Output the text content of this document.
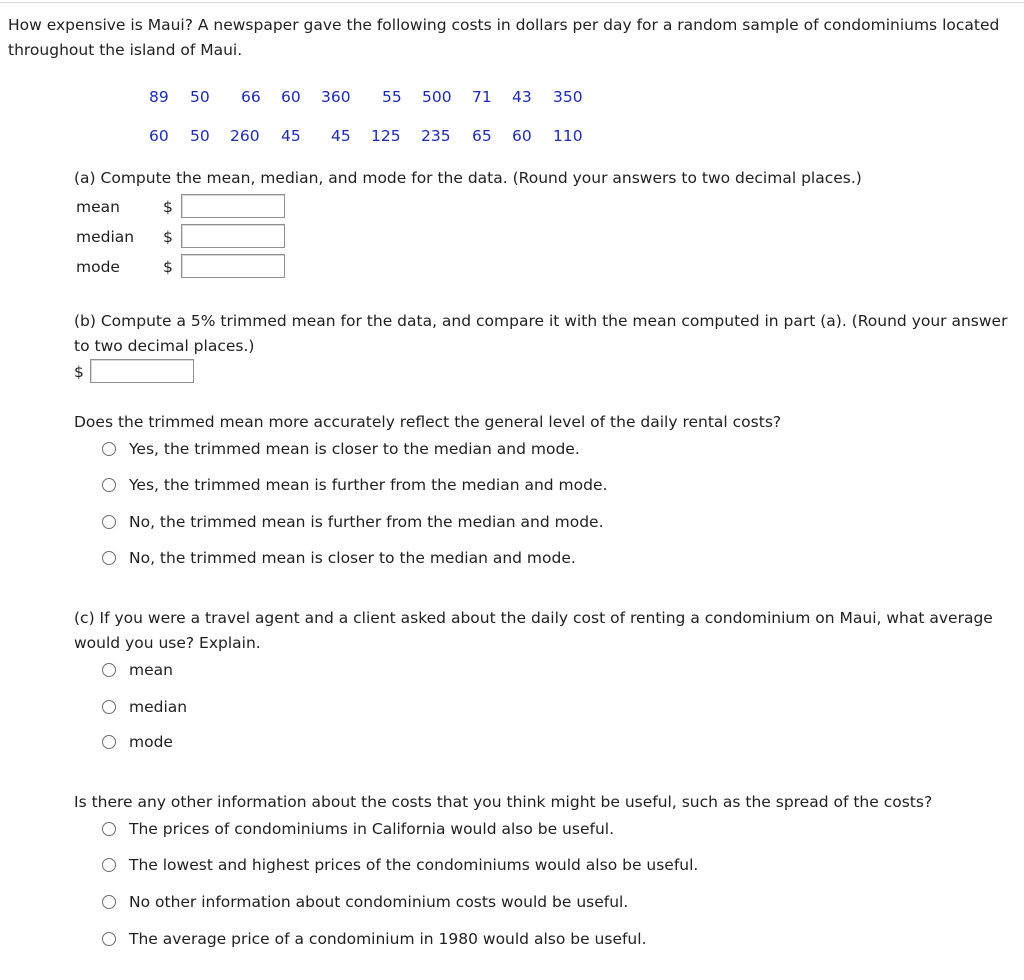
How expensive is Maui? A newspaper gave the following costs in dollars per day for a random sample of condominiums located throughout the island of Maui.
89 50 66 60 360 55 500 71 43 350
60 50 260 45 45 125 235 65 60 110
(a) Compute the mean, median, and mode for the data. (Round your answers to two decimal places.)
mean	$
median $
mode	$
(b) Compute a 5% trimmed mean for the data, and compare it with the mean computed in part (a). (Round your answer to two decimal places.)
$
Does the trimmed mean more accurately reflect the general level of the daily rental costs?
Yes, the trimmed mean is closer to the median and mode.
Yes, the trimmed mean is further from the median and mode.
No, the trimmed mean is further from the median and mode.
No, the trimmed mean is closer to the median and mode.
(c) If you were a travel agent and a client asked about the daily cost of renting a condominium on Maui, what average would you use? Explain.
mean
median
mode
Is there any other information about the costs that you think might be useful, such as the spread of the costs?
The prices of condominiums in California would also be useful.
The lowest and highest prices of the condominiums would also be useful.
No other information about condominium costs would be useful.
The average price of a condominium in 1980 would also be useful.
